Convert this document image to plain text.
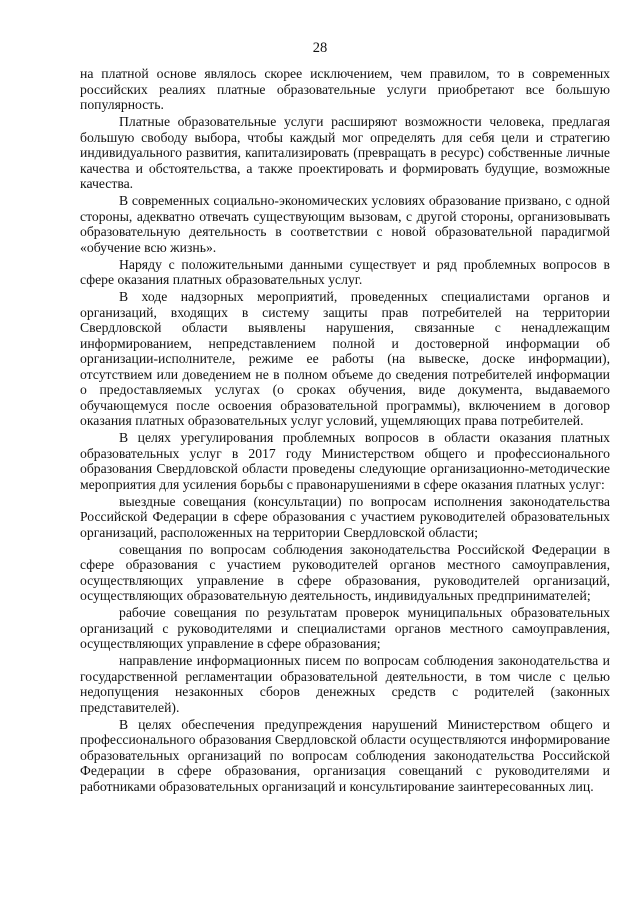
28

на платной основе являлось скорее исключением, чем правилом, то в современных российских реалиях платные образовательные услуги приобретают все большую популярность.

Платные образовательные услуги расширяют возможности человека, предлагая большую свободу выбора, чтобы каждый мог определять для себя цели и стратегию индивидуального развития, капитализировать (превращать в ресурс) собственные личные качества и обстоятельства, а также проектировать и формировать будущие, возможные качества.

В современных социально-экономических условиях образование призвано, с одной стороны, адекватно отвечать существующим вызовам, с другой стороны, организовывать образовательную деятельность в соответствии с новой образовательной парадигмой «обучение всю жизнь».

Наряду с положительными данными существует и ряд проблемных вопросов в сфере оказания платных образовательных услуг.

В ходе надзорных мероприятий, проведенных специалистами органов и организаций, входящих в систему защиты прав потребителей на территории Свердловской области выявлены нарушения, связанные с ненадлежащим информированием, непредставлением полной и достоверной информации об организации-исполнителе, режиме ее работы (на вывеске, доске информации), отсутствием или доведением не в полном объеме до сведения потребителей информации о предоставляемых услугах (о сроках обучения, виде документа, выдаваемого обучающемуся после освоения образовательной программы), включением в договор оказания платных образовательных услуг условий, ущемляющих права потребителей.

В целях урегулирования проблемных вопросов в области оказания платных образовательных услуг в 2017 году Министерством общего и профессионального образования Свердловской области проведены следующие организационно-методические мероприятия для усиления борьбы с правонарушениями в сфере оказания платных услуг:

выездные совещания (консультации) по вопросам исполнения законодательства Российской Федерации в сфере образования с участием руководителей образовательных организаций, расположенных на территории Свердловской области;

совещания по вопросам соблюдения законодательства Российской Федерации в сфере образования с участием руководителей органов местного самоуправления, осуществляющих управление в сфере образования, руководителей организаций, осуществляющих образовательную деятельность, индивидуальных предпринимателей;

рабочие совещания по результатам проверок муниципальных образовательных организаций с руководителями и специалистами органов местного самоуправления, осуществляющих управление в сфере образования;

направление информационных писем по вопросам соблюдения законодательства и государственной регламентации образовательной деятельности, в том числе с целью недопущения незаконных сборов денежных средств с родителей (законных представителей).

В целях обеспечения предупреждения нарушений Министерством общего и профессионального образования Свердловской области осуществляются информирование образовательных организаций по вопросам соблюдения законодательства Российской Федерации в сфере образования, организация совещаний с руководителями и работниками образовательных организаций и консультирование заинтересованных лиц.
